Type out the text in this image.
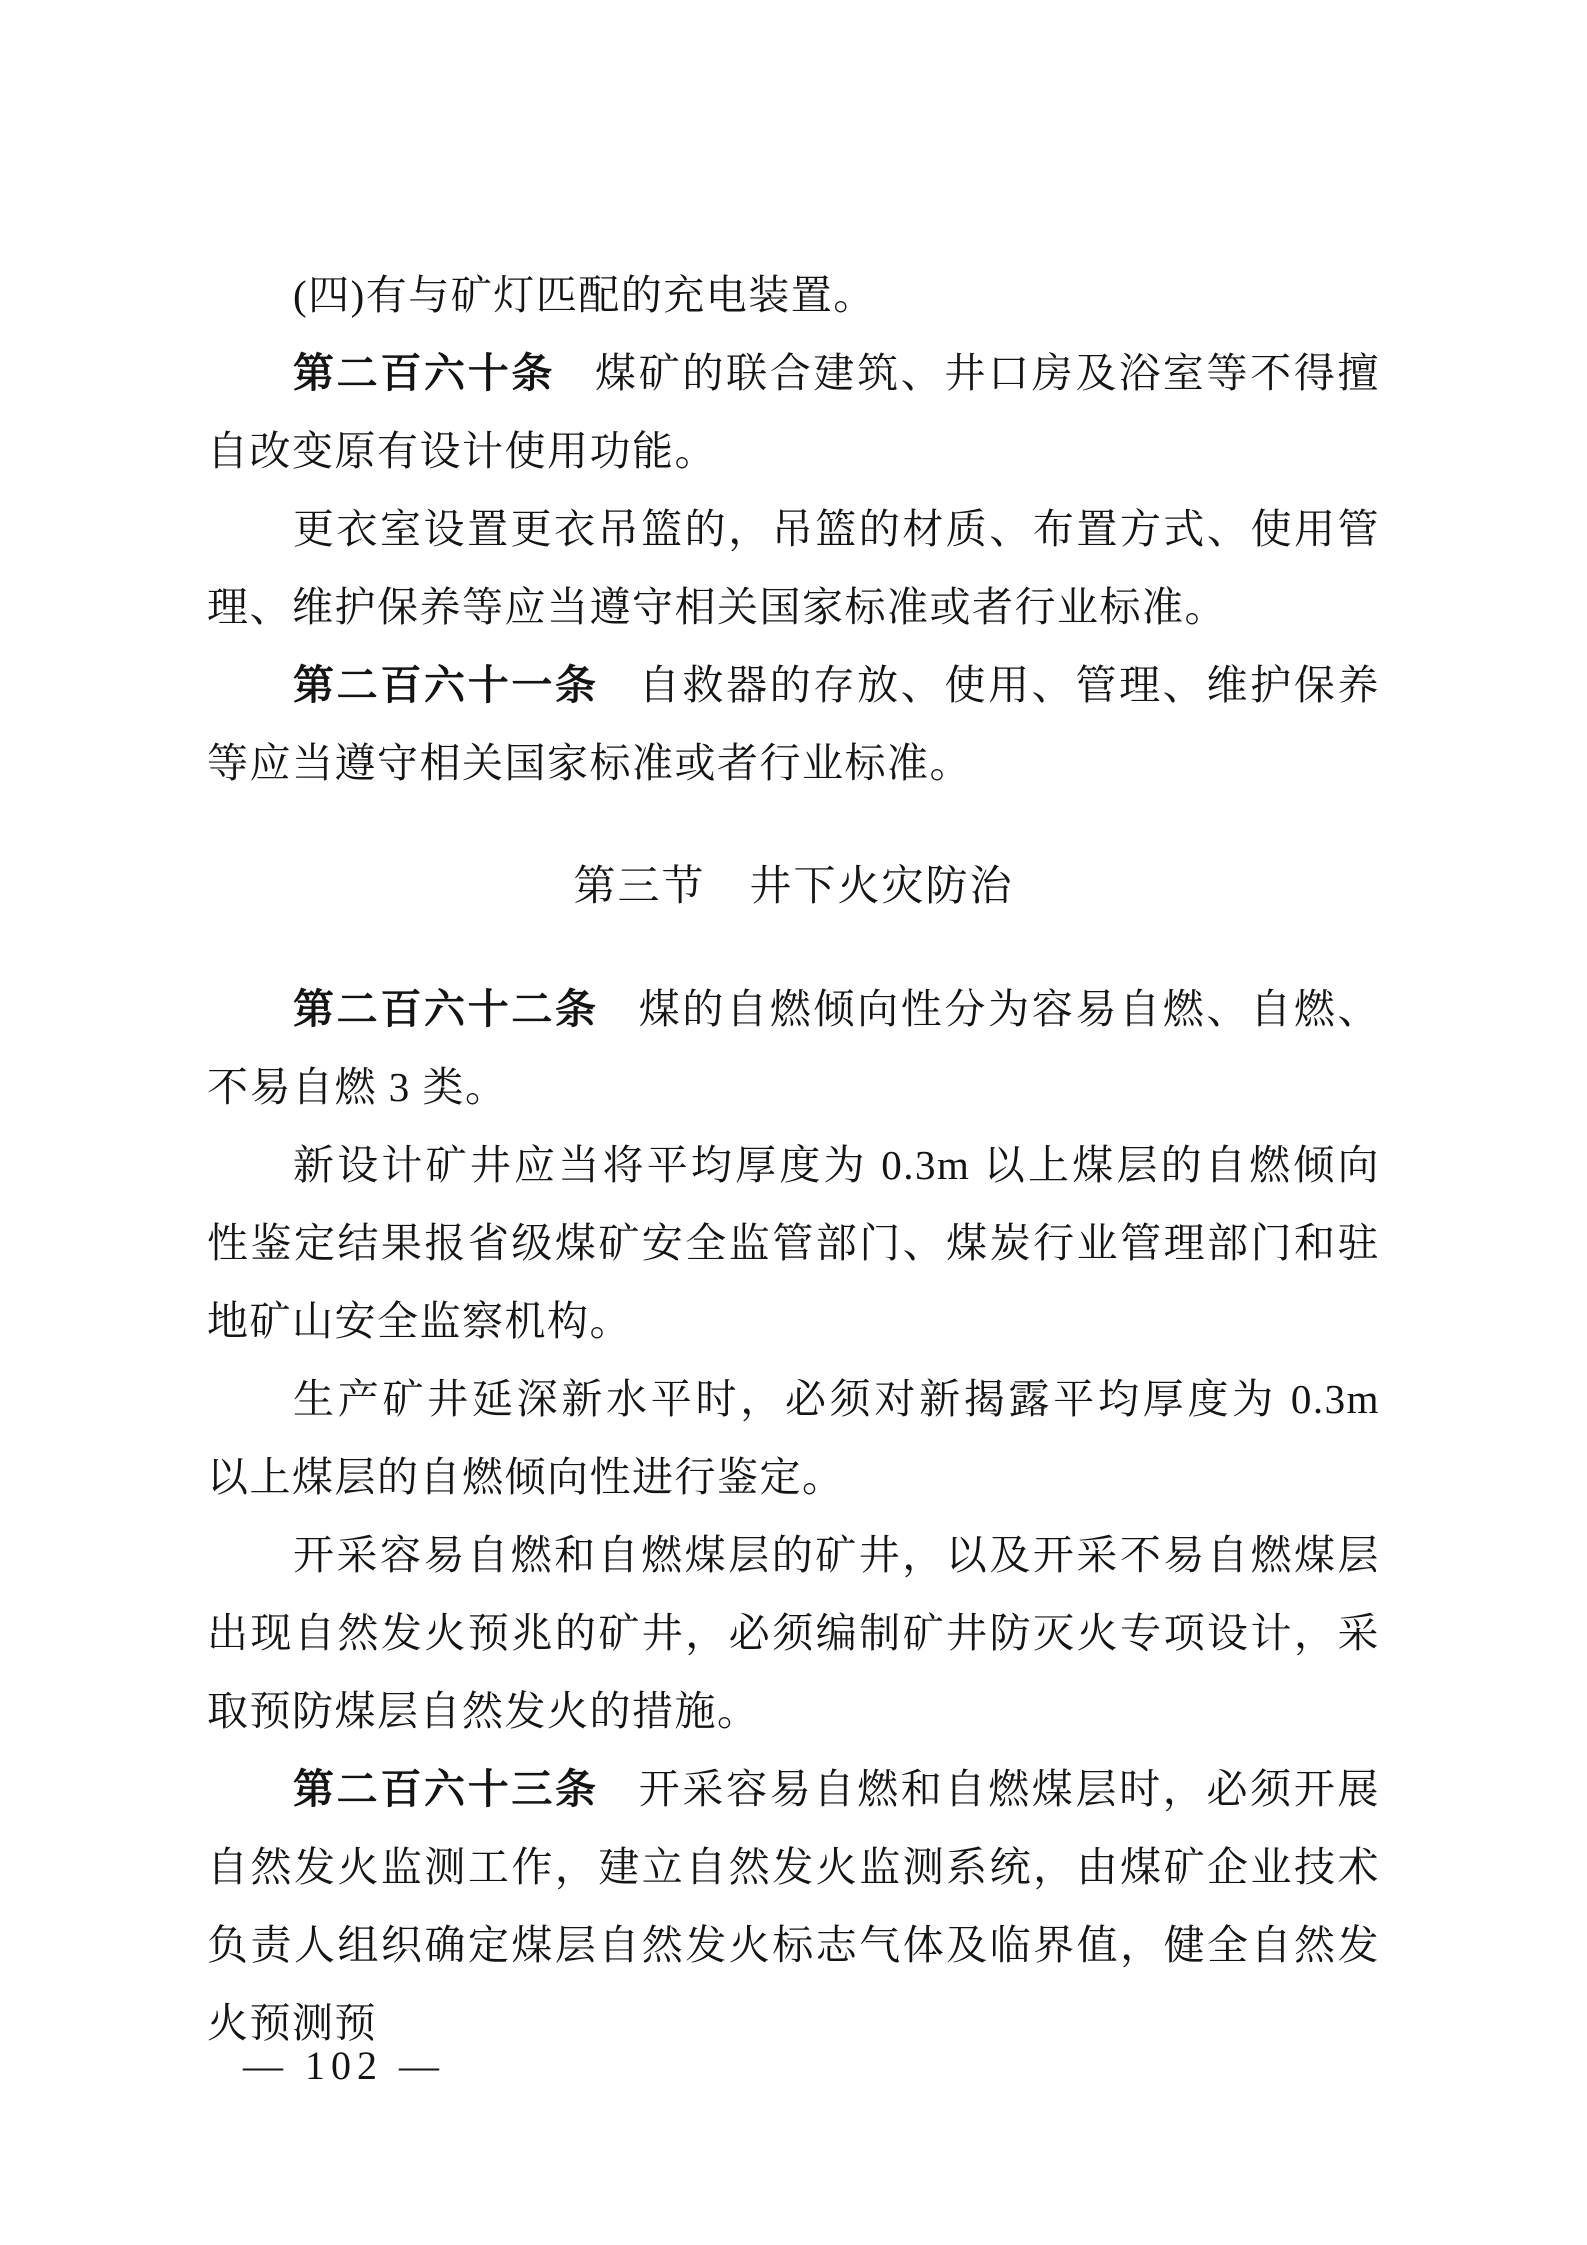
(四)有与矿灯匹配的充电装置。

第二百六十条 煤矿的联合建筑、井口房及浴室等不得擅自改变原有设计使用功能。

更衣室设置更衣吊篮的，吊篮的材质、布置方式、使用管理、维护保养等应当遵守相关国家标准或者行业标准。

第二百六十一条 自救器的存放、使用、管理、维护保养等应当遵守相关国家标准或者行业标准。

第三节　井下火灾防治

第二百六十二条 煤的自燃倾向性分为容易自燃、自燃、不易自燃 3 类。

新设计矿井应当将平均厚度为 0.3m 以上煤层的自燃倾向性鉴定结果报省级煤矿安全监管部门、煤炭行业管理部门和驻地矿山安全监察机构。

生产矿井延深新水平时，必须对新揭露平均厚度为 0.3m 以上煤层的自燃倾向性进行鉴定。

开采容易自燃和自燃煤层的矿井，以及开采不易自燃煤层出现自然发火预兆的矿井，必须编制矿井防灭火专项设计，采取预防煤层自然发火的措施。

第二百六十三条 开采容易自燃和自燃煤层时，必须开展自然发火监测工作，建立自然发火监测系统，由煤矿企业技术负责人组织确定煤层自然发火标志气体及临界值，健全自然发火预测预

— 102 —
